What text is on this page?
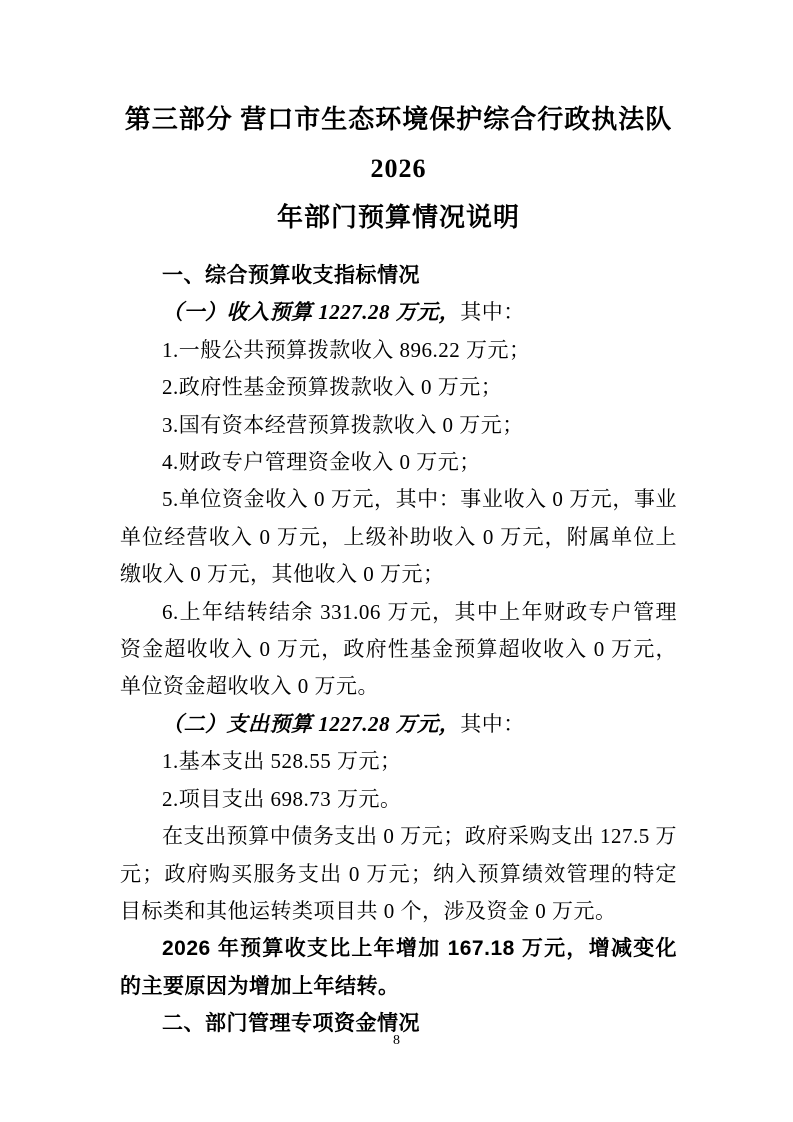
第三部分 营口市生态环境保护综合行政执法队 2026
年部门预算情况说明

一、综合预算收支指标情况

（一）收入预算 1227.28 万元，其中：

1.一般公共预算拨款收入 896.22 万元；

2.政府性基金预算拨款收入 0 万元；

3.国有资本经营预算拨款收入 0 万元；

4.财政专户管理资金收入 0 万元；

5.单位资金收入 0 万元，其中：事业收入 0 万元，事业单位经营收入 0 万元，上级补助收入 0 万元，附属单位上缴收入 0 万元，其他收入 0 万元；

6.上年结转结余 331.06 万元，其中上年财政专户管理资金超收收入 0 万元，政府性基金预算超收收入 0 万元，单位资金超收收入 0 万元。

（二）支出预算 1227.28 万元，其中：

1.基本支出 528.55 万元；

2.项目支出 698.73 万元。

在支出预算中债务支出 0 万元；政府采购支出 127.5 万元；政府购买服务支出 0 万元；纳入预算绩效管理的特定目标类和其他运转类项目共 0 个，涉及资金 0 万元。

2026 年预算收支比上年增加 167.18 万元，增减变化的主要原因为增加上年结转。

二、部门管理专项资金情况

8
